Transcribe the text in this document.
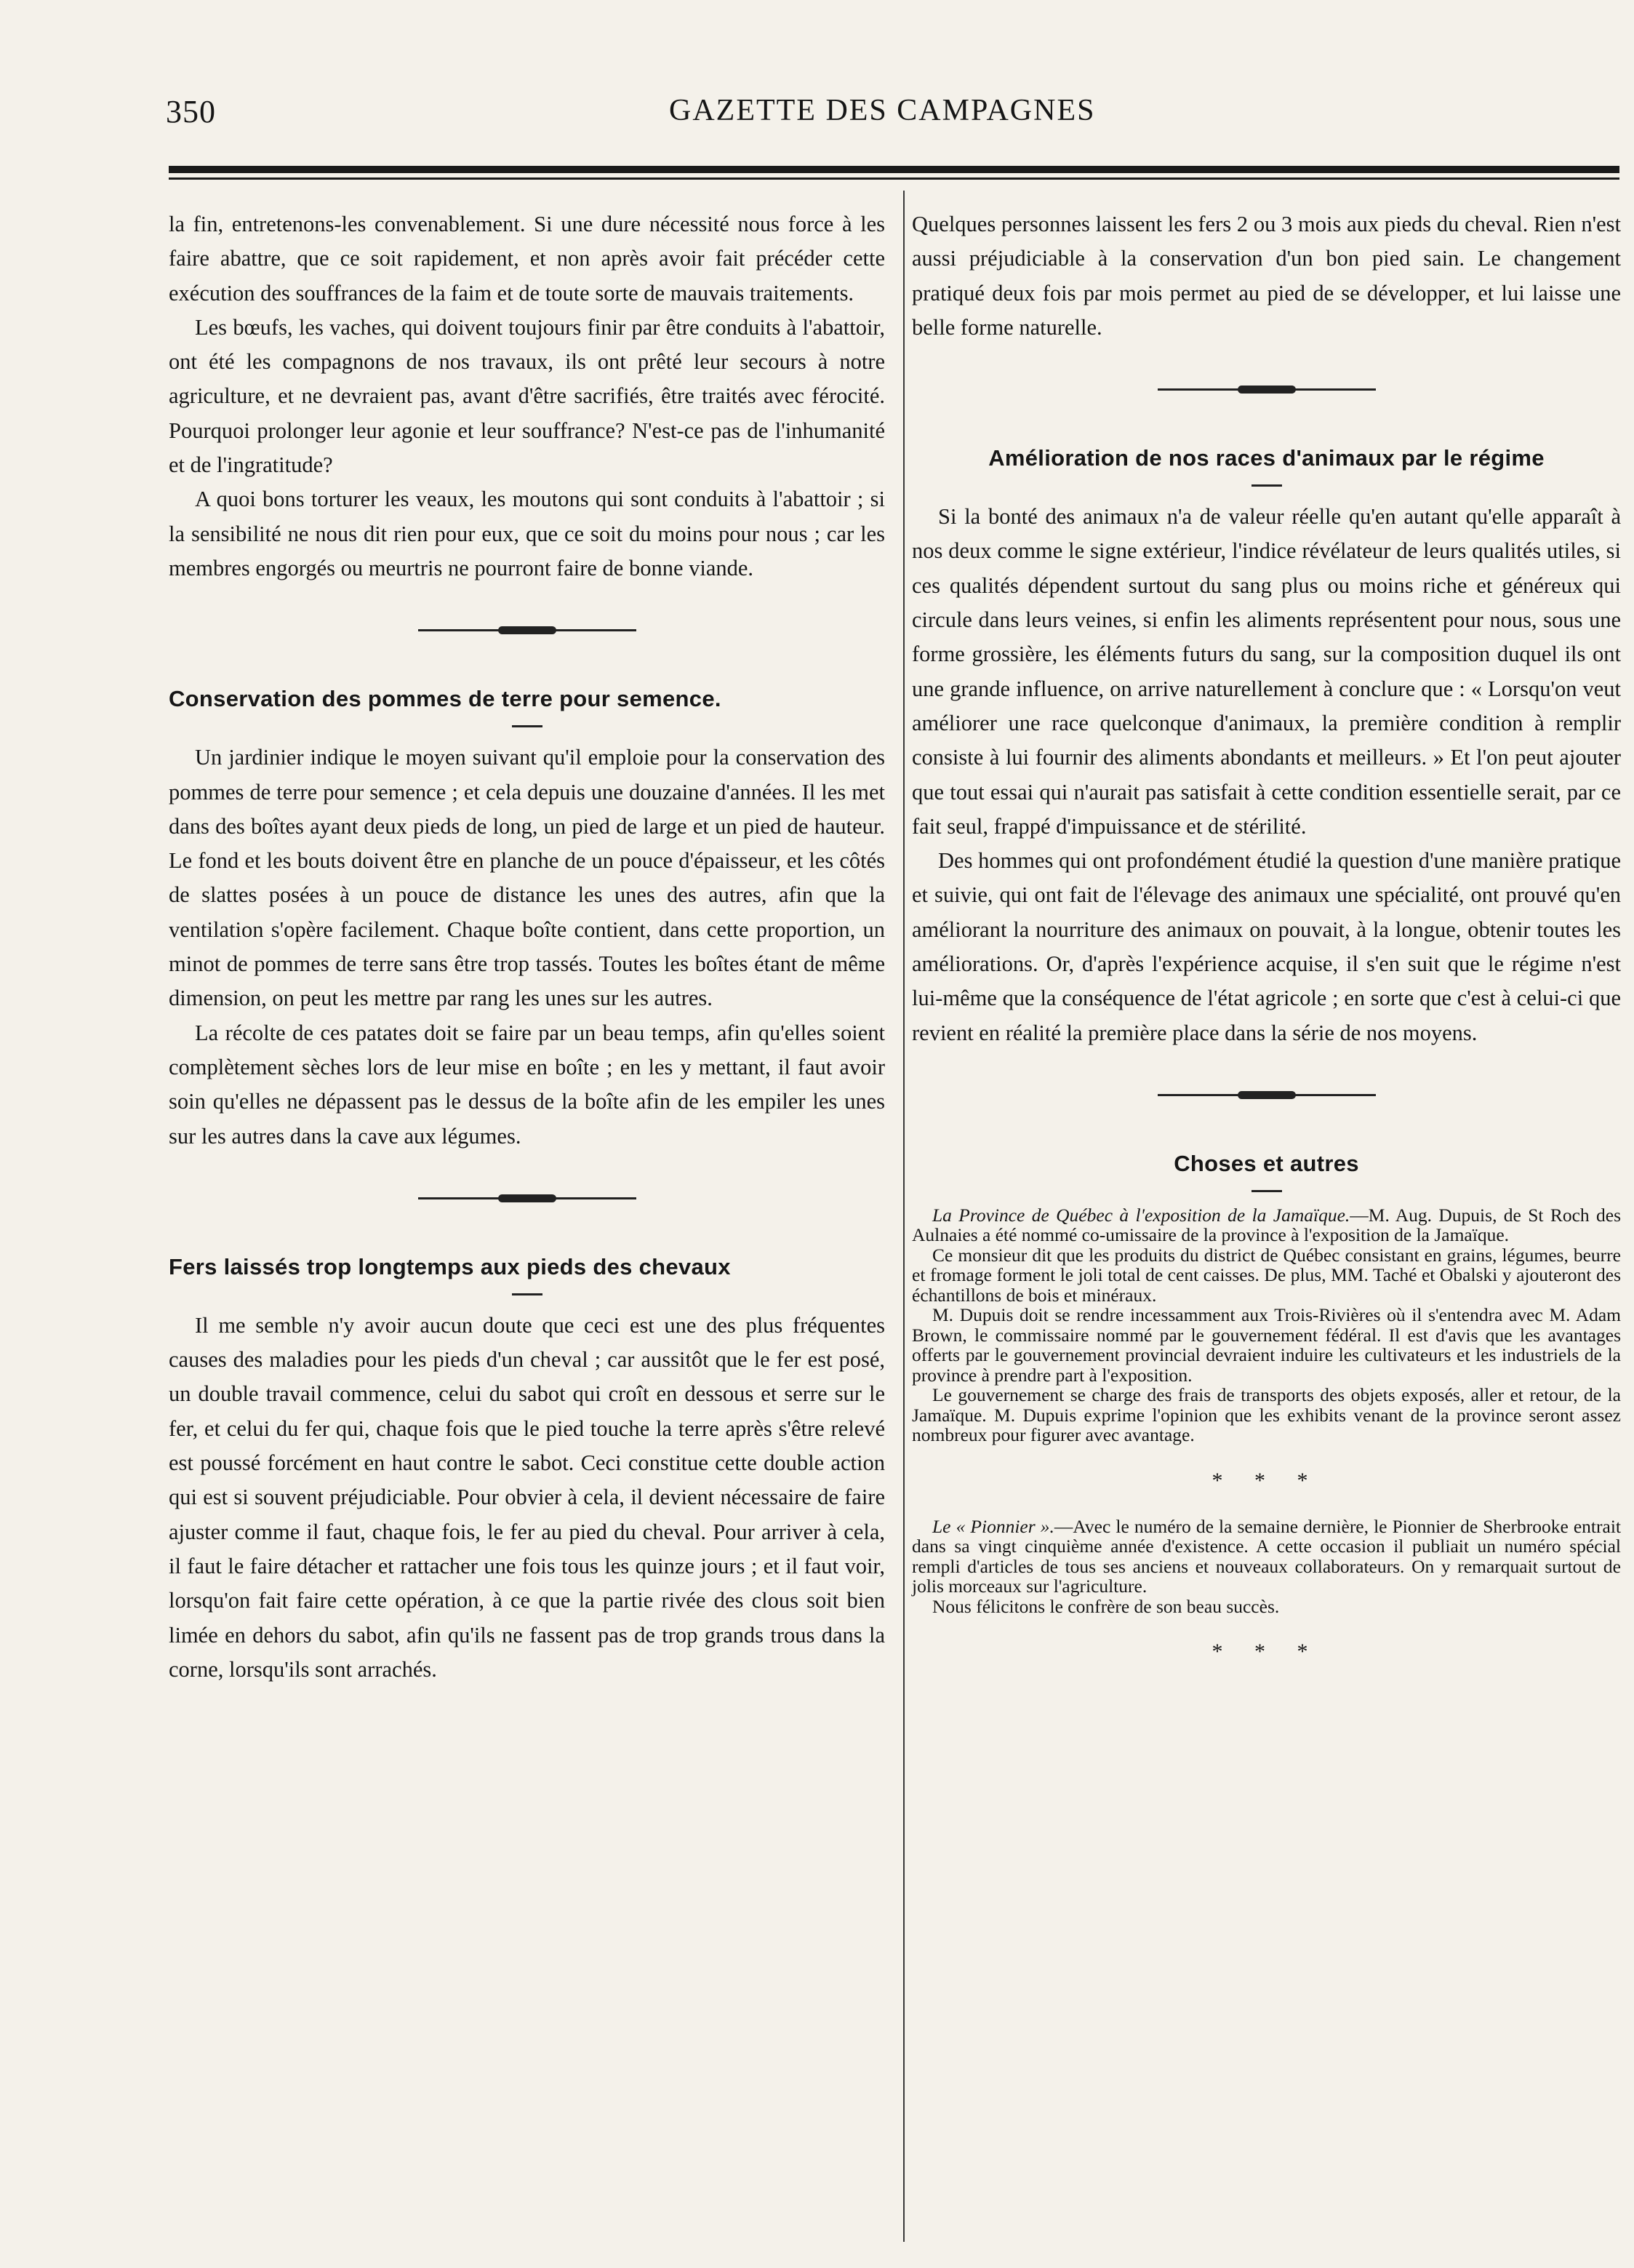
350	GAZETTE DES CAMPAGNES

la fin, entretenons-les convenablement. Si une dure nécessité nous force à les faire abattre, que ce soit rapidement, et non après avoir fait précéder cette exécution des souffrances de la faim et de toute sorte de mauvais traitements.

Les bœufs, les vaches, qui doivent toujours finir par être conduits à l'abattoir, ont été les compagnons de nos travaux, ils ont prêté leur secours à notre agriculture, et ne devraient pas, avant d'être sacrifiés, être traités avec férocité. Pourquoi prolonger leur agonie et leur souffrance? N'est-ce pas de l'inhumanité et de l'ingratitude?

A quoi bons torturer les veaux, les moutons qui sont conduits à l'abattoir ; si la sensibilité ne nous dit rien pour eux, que ce soit du moins pour nous ; car les membres engorgés ou meurtris ne pourront faire de bonne viande.

Conservation des pommes de terre pour semence.

Un jardinier indique le moyen suivant qu'il emploie pour la conservation des pommes de terre pour semence ; et cela depuis une douzaine d'années. Il les met dans des boîtes ayant deux pieds de long, un pied de large et un pied de hauteur. Le fond et les bouts doivent être en planche de un pouce d'épaisseur, et les côtés de slattes posées à un pouce de distance les unes des autres, afin que la ventilation s'opère facilement. Chaque boîte contient, dans cette proportion, un minot de pommes de terre sans être trop tassés. Toutes les boîtes étant de même dimension, on peut les mettre par rang les unes sur les autres.

La récolte de ces patates doit se faire par un beau temps, afin qu'elles soient complètement sèches lors de leur mise en boîte ; en les y mettant, il faut avoir soin qu'elles ne dépassent pas le dessus de la boîte afin de les empiler les unes sur les autres dans la cave aux légumes.

Fers laissés trop longtemps aux pieds des chevaux

Il me semble n'y avoir aucun doute que ceci est une des plus fréquentes causes des maladies pour les pieds d'un cheval ; car aussitôt que le fer est posé, un double travail commence, celui du sabot qui croît en dessous et serre sur le fer, et celui du fer qui, chaque fois que le pied touche la terre après s'être relevé est poussé forcément en haut contre le sabot. Ceci constitue cette double action qui est si souvent préjudiciable. Pour obvier à cela, il devient nécessaire de faire ajuster comme il faut, chaque fois, le fer au pied du cheval. Pour arriver à cela, il faut le faire détacher et rattacher une fois tous les quinze jours ; et il faut voir, lorsqu'on fait faire cette opération, à ce que la partie rivée des clous soit bien limée en dehors du sabot, afin qu'ils ne fassent pas de trop grands trous dans la corne, lorsqu'ils sont arrachés.

Quelques personnes laissent les fers 2 ou 3 mois aux pieds du cheval. Rien n'est aussi préjudiciable à la conservation d'un bon pied sain. Le changement pratiqué deux fois par mois permet au pied de se développer, et lui laisse une belle forme naturelle.

Amélioration de nos races d'animaux par le régime

Si la bonté des animaux n'a de valeur réelle qu'en autant qu'elle apparaît à nos deux comme le signe extérieur, l'indice révélateur de leurs qualités utiles, si ces qualités dépendent surtout du sang plus ou moins riche et généreux qui circule dans leurs veines, si enfin les aliments représentent pour nous, sous une forme grossière, les éléments futurs du sang, sur la composition duquel ils ont une grande influence, on arrive naturellement à conclure que : « Lorsqu'on veut améliorer une race quelconque d'animaux, la première condition à remplir consiste à lui fournir des aliments abondants et meilleurs. » Et l'on peut ajouter que tout essai qui n'aurait pas satisfait à cette condition essentielle serait, par ce fait seul, frappé d'impuissance et de stérilité.

Des hommes qui ont profondément étudié la question d'une manière pratique et suivie, qui ont fait de l'élevage des animaux une spécialité, ont prouvé qu'en améliorant la nourriture des animaux on pouvait, à la longue, obtenir toutes les améliorations. Or, d'après l'expérience acquise, il s'en suit que le régime n'est lui-même que la conséquence de l'état agricole ; en sorte que c'est à celui-ci que revient en réalité la première place dans la série de nos moyens.

Choses et autres

La Province de Québec à l'exposition de la Jamaïque.—M. Aug. Dupuis, de St Roch des Aulnaies a été nommé co-umissaire de la province à l'exposition de la Jamaïque.

Ce monsieur dit que les produits du district de Québec consistant en grains, légumes, beurre et fromage forment le joli total de cent caisses. De plus, MM. Taché et Obalski y ajouteront des échantillons de bois et minéraux.

M. Dupuis doit se rendre incessamment aux Trois-Rivières où il s'entendra avec M. Adam Brown, le commissaire nommé par le gouvernement fédéral. Il est d'avis que les avantages offerts par le gouvernement provincial devraient induire les cultivateurs et les industriels de la province à prendre part à l'exposition.

Le gouvernement se charge des frais de transports des objets exposés, aller et retour, de la Jamaïque. M. Dupuis exprime l'opinion que les exhibits venant de la province seront assez nombreux pour figurer avec avantage.

* * *

Le « Pionnier ».—Avec le numéro de la semaine dernière, le Pionnier de Sherbrooke entrait dans sa vingt cinquième année d'existence. A cette occasion il publiait un numéro spécial rempli d'articles de tous ses anciens et nouveaux collaborateurs. On y remarquait surtout de jolis morceaux sur l'agriculture.

Nous félicitons le confrère de son beau succès.

* * *
